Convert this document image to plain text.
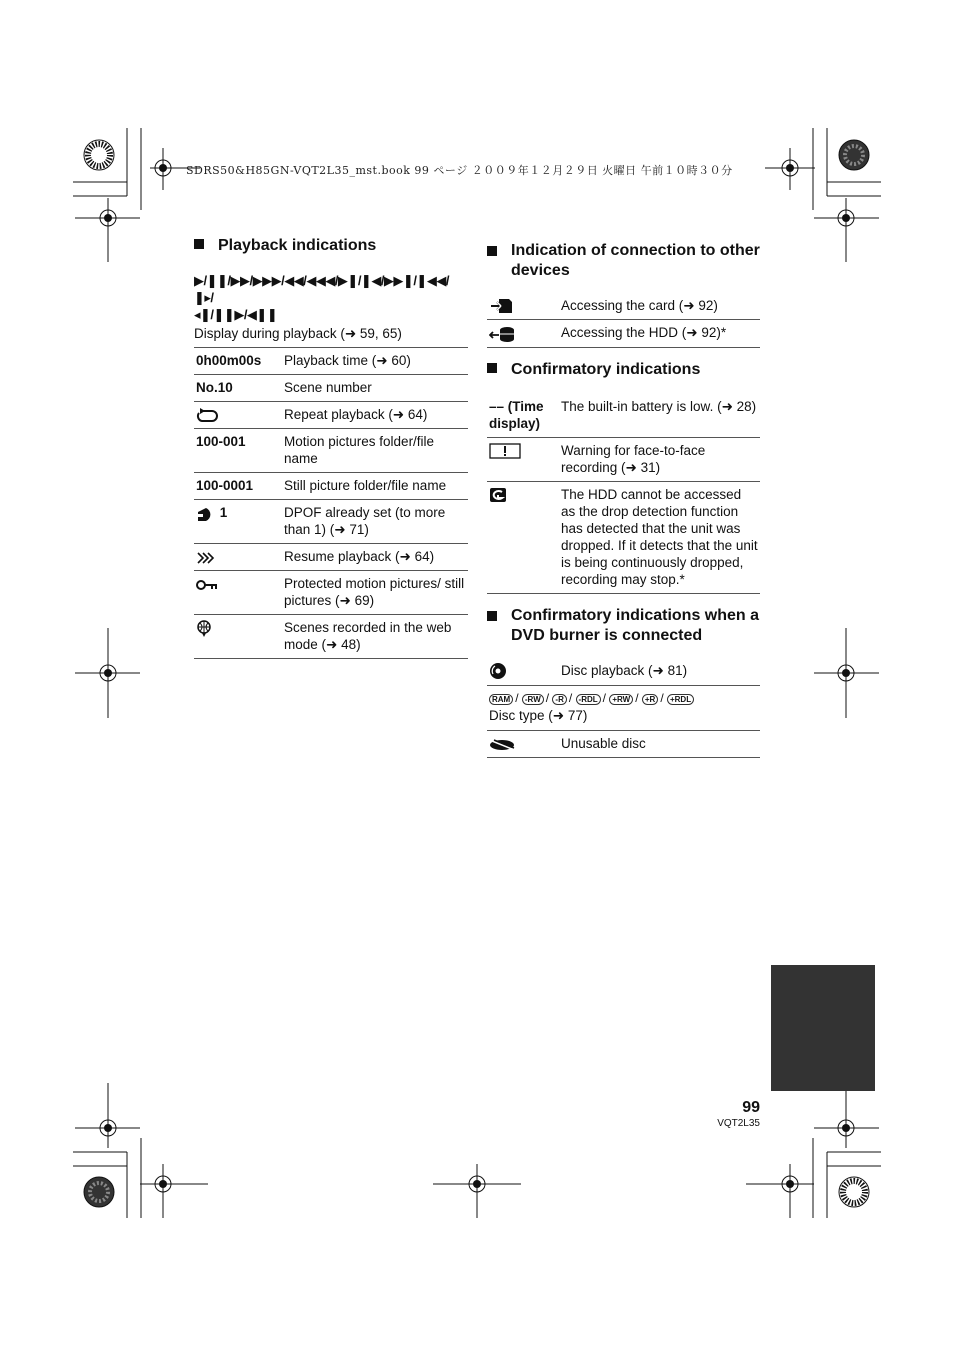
SDRS50&H85GN-VQT2L35_mst.book 99 ページ ２００９年１２月２９日 火曜日 午前１０時３０分
Playback indications
▶/❚❚/▶▶/▶▶▶/◀◀/◀◀◀/▶❚/❚◀/▶▶❚/❚◀◀/❚▸/
◂❚/❚❚▶/◀❚❚
Display during playback (➜ 59, 65)
0h00m00s	Playback time (➜ 60)
No.10	Scene number
	Repeat playback (➜ 64)
100-001	Motion pictures folder/file name
100-0001	Still picture folder/file name
1	DPOF already set (to more than 1) (➜ 71)
	Resume playback (➜ 64)
	Protected motion pictures/ still pictures (➜ 69)
	Scenes recorded in the web mode (➜ 48)
Indication of connection to other devices
	Accessing the card (➜ 92)
	Accessing the HDD (➜ 92)*
Confirmatory indications
–– (Time display)	The built-in battery is low. (➜ 28)
	Warning for face-to-face recording (➜ 31)
	The HDD cannot be accessed as the drop detection function has detected that the unit was dropped. If it detects that the unit is being continuously dropped, recording may stop.*
Confirmatory indications when a DVD burner is connected
	Disc playback (➜ 81)
RAM / -RW / -R / -RDL / +RW / +R / +RDL
Disc type (➜ 77)	
	Unusable disc
99
VQT2L35
